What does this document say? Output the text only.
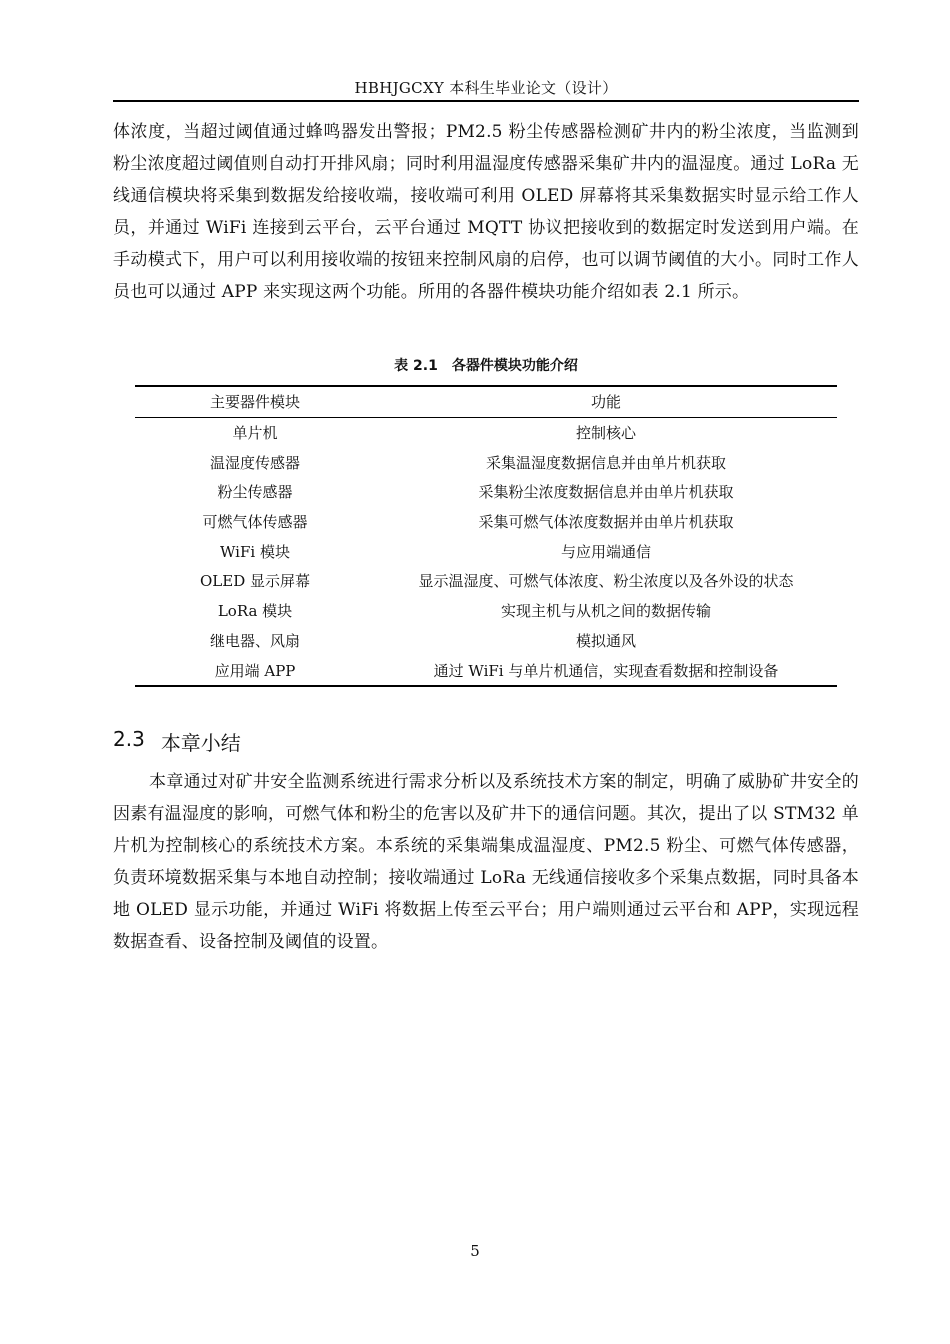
HBHJGCXY 本科生毕业论文（设计）

体浓度，当超过阈值通过蜂鸣器发出警报；PM2.5 粉尘传感器检测矿井内的粉尘浓度，当监测到粉尘浓度超过阈值则自动打开排风扇；同时利用温湿度传感器采集矿井内的温湿度。通过 LoRa 无线通信模块将采集到数据发给接收端，接收端可利用 OLED 屏幕将其采集数据实时显示给工作人员，并通过 WiFi 连接到云平台，云平台通过 MQTT 协议把接收到的数据定时发送到用户端。在手动模式下，用户可以利用接收端的按钮来控制风扇的启停，也可以调节阈值的大小。同时工作人员也可以通过 APP 来实现这两个功能。所用的各器件模块功能介绍如表 2.1 所示。

表 2.1　各器件模块功能介绍
主要器件模块	功能
单片机	控制核心
温湿度传感器	采集温湿度数据信息并由单片机获取
粉尘传感器	采集粉尘浓度数据信息并由单片机获取
可燃气体传感器	采集可燃气体浓度数据并由单片机获取
WiFi 模块	与应用端通信
OLED 显示屏幕	显示温湿度、可燃气体浓度、粉尘浓度以及各外设的状态
LoRa 模块	实现主机与从机之间的数据传输
继电器、风扇	模拟通风
应用端 APP	通过 WiFi 与单片机通信，实现查看数据和控制设备
2.3 本章小结

本章通过对矿井安全监测系统进行需求分析以及系统技术方案的制定，明确了威胁矿井安全的因素有温湿度的影响，可燃气体和粉尘的危害以及矿井下的通信问题。其次，提出了以 STM32 单片机为控制核心的系统技术方案。本系统的采集端集成温湿度、PM2.5 粉尘、可燃气体传感器，负责环境数据采集与本地自动控制；接收端通过 LoRa 无线通信接收多个采集点数据，同时具备本地 OLED 显示功能，并通过 WiFi 将数据上传至云平台；用户端则通过云平台和 APP，实现远程数据查看、设备控制及阈值的设置。

5
